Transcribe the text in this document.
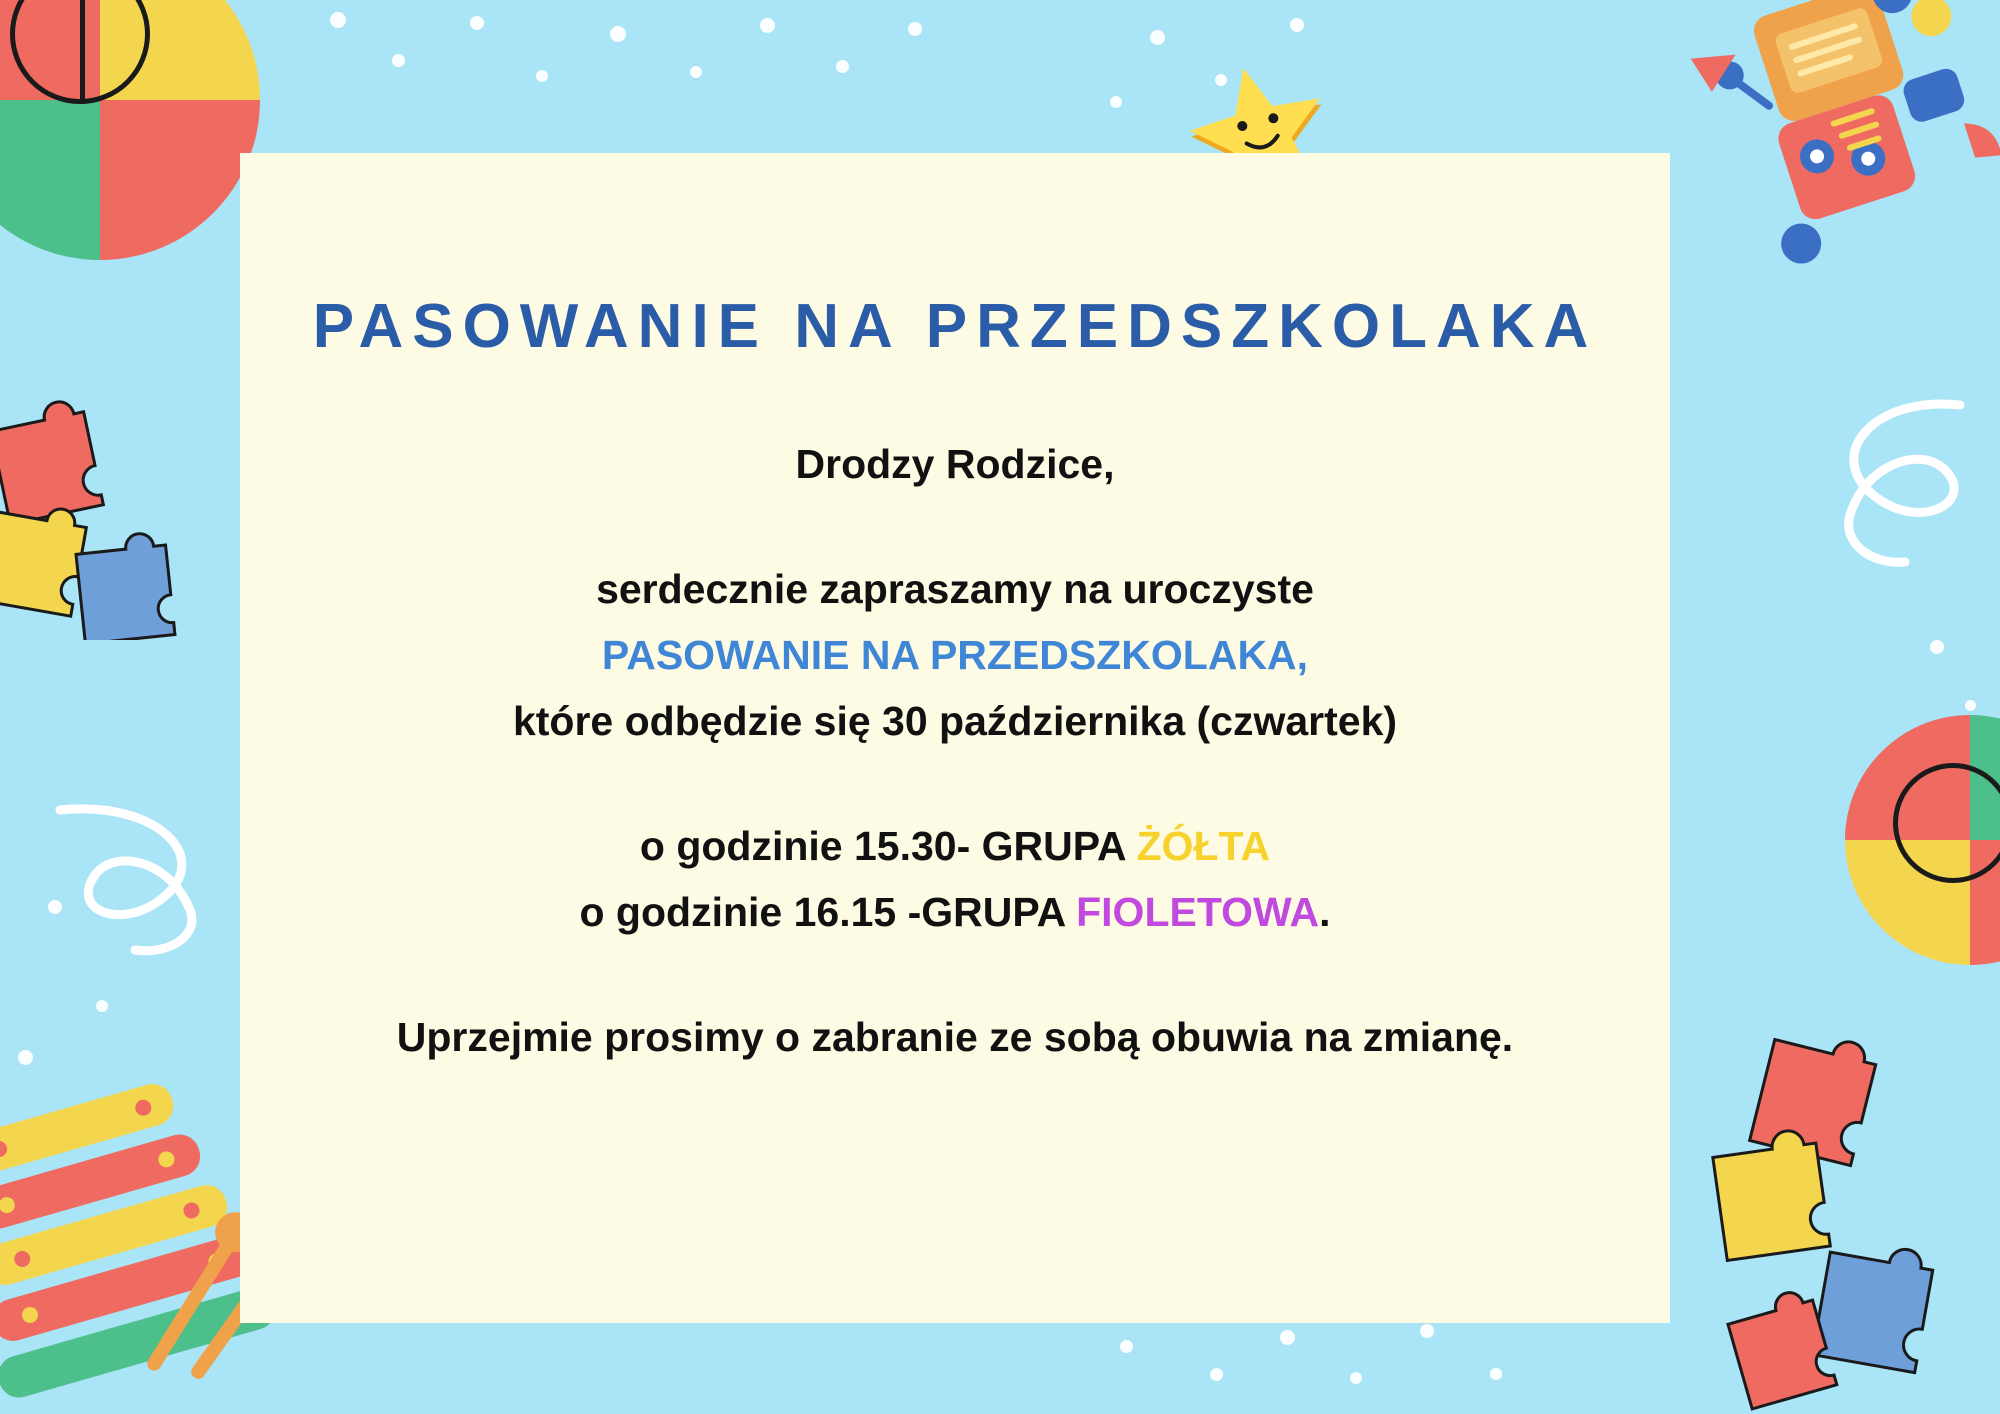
PASOWANIE NA PRZEDSZKOLAKA

Drodzy Rodzice,

serdecznie zapraszamy na uroczyste

PASOWANIE NA PRZEDSZKOLAKA,

które odbędzie się 30 października (czwartek)

o godzinie 15.30- GRUPA ŻÓŁTA

o godzinie 16.15 -GRUPA FIOLETOWA.

Uprzejmie prosimy o zabranie ze sobą obuwia na zmianę.
